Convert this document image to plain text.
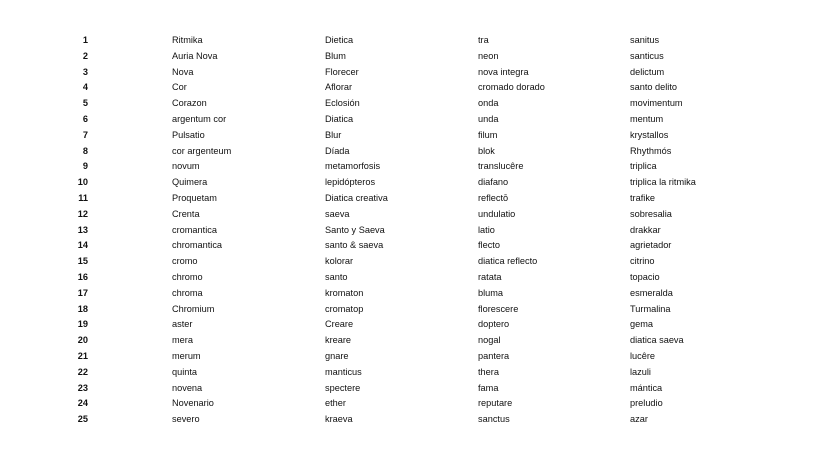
1	Ritmika	Dietica	tra	sanitus
2	Auria Nova	Blum	neon	santicus
3	Nova	Florecer	nova integra	delictum
4	Cor	Aflorar	cromado dorado	santo delito
5	Corazon	Eclosión	onda	movimentum
6	argentum cor	Diatica	unda	mentum
7	Pulsatio	Blur	filum	krystallos
8	cor argenteum	Díada	blok	Rhythmós
9	novum	metamorfosis	translucêre	triplica
10	Quimera	lepidópteros	diafano	triplica la ritmika
11	Proquetam	Diatica creativa	reflectō	trafike
12	Crenta	saeva	undulatio	sobresalia
13	cromantica	Santo y Saeva	latio	drakkar
14	chromantica	santo & saeva	flecto	agrietador
15	cromo	kolorar	diatica reflecto	citrino
16	chromo	santo	ratata	topacio
17	chroma	kromaton	bluma	esmeralda
18	Chromium	cromatop	florescere	Turmalina
19	aster	Creare	doptero	gema
20	mera	kreare	nogal	diatica saeva
21	merum	gnare	pantera	lucêre
22	quinta	manticus	thera	lazuli
23	novena	spectere	fama	mántica
24	Novenario	ether	reputare	preludio
25	severo	kraeva	sanctus	azar
